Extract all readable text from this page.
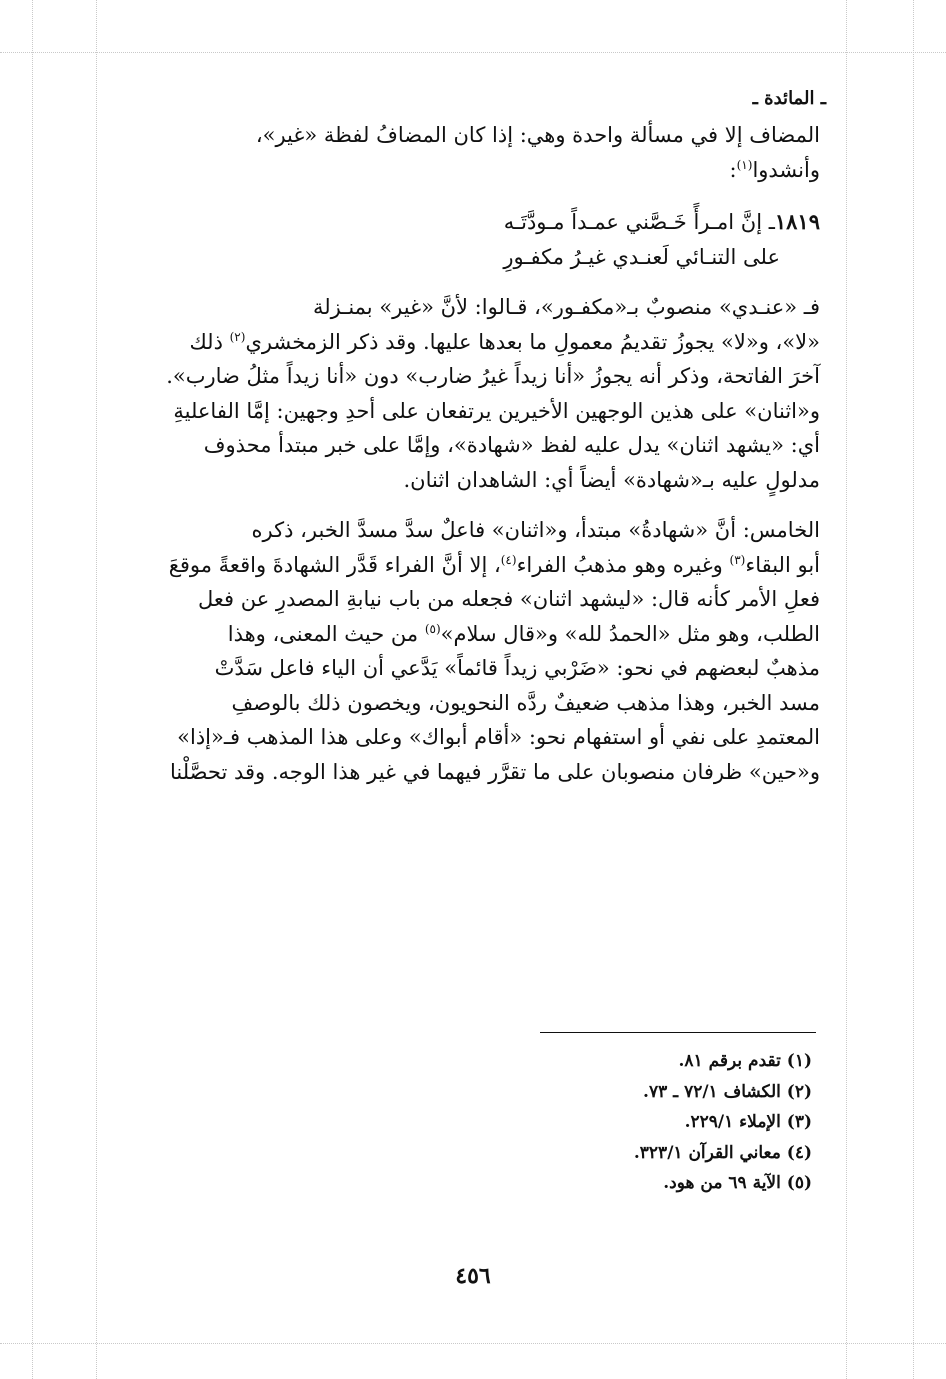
ـ المائدة ـ

المضاف إلا في مسألة واحدة وهي: إذا كان المضافُ لفظة «غير»،

وأنشدوا$^{(١)}$:

١٨١٩ـ إنَّ امـرأً خَـصَّني عمـداً مـودَّتَـه

على التنـائي لَعنـدي غيـرُ مكفـورِ

فـ «عنـدي» منصوبٌ بـ«مكفـور»، قـالوا: لأنَّ «غير» بمنـزلة

«لا»، و«لا» يجوزُ تقديمُ معمولِ ما بعدها عليها. وقد ذكر الزمخشري$^{(٢)}$ ذلك

آخرَ الفاتحة، وذكر أنه يجوزُ «أنا زيداً غيرُ ضارب» دون «أنا زيداً مثلُ ضارب».

و«اثنان» على هذين الوجهين الأخيرين يرتفعان على أحدِ وجهين: إمَّا الفاعليةِ

أي: «يشهد اثنان» يدل عليه لفظ «شهادة»، وإمَّا على خبر مبتدأ محذوف

مدلولٍ عليه بـ«شهادة» أيضاً أي: الشاهدان اثنان.

الخامس: أنَّ «شهادةُ» مبتدأ، و«اثنان» فاعلٌ سدَّ مسدَّ الخبر، ذكره

أبو البقاء$^{(٣)}$ وغيره وهو مذهبُ الفراء$^{(٤)}$، إلا أنَّ الفراء قَدَّر الشهادةَ واقعةً موقعَ

فعلِ الأمر كأنه قال: «ليشهد اثنان» فجعله من باب نيابةِ المصدرِ عن فعل

الطلب، وهو مثل «الحمدُ لله» و«قال سلام»$^{(٥)}$ من حيث المعنى، وهذا

مذهبٌ لبعضهم في نحو: «ضَرْبي زيداً قائماً» يَدَّعي أن الياء فاعل سَدَّتْ

مسد الخبر، وهذا مذهب ضعيفٌ ردَّه النحويون، ويخصون ذلك بالوصفِ

المعتمدِ على نفي أو استفهام نحو: «أقام أبواك» وعلى هذا المذهب فـ«إذا»

و«حين» ظرفان منصوبان على ما تقرَّر فيهما في غير هذا الوجه. وقد تحصَّلْنا

(١) تقدم برقم ٨١.
(٢) الكشاف ٧٢/١ ـ ٧٣.
(٣) الإملاء ٢٢٩/١.
(٤) معاني القرآن ٣٢٣/١.
(٥) الآية ٦٩ من هود.
٤٥٦
